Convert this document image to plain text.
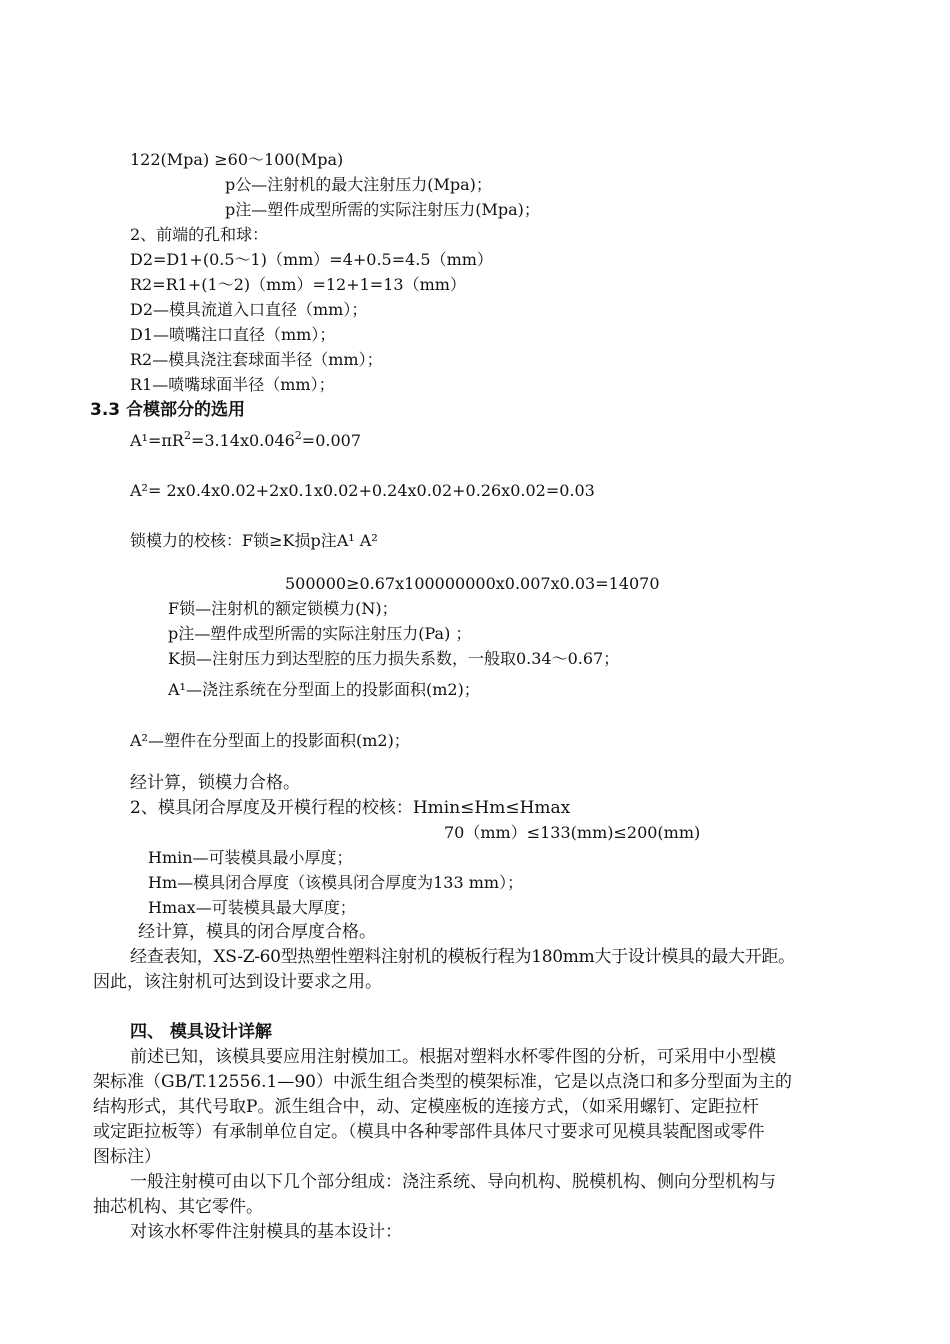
122(Mpa) ≥60～100(Mpa)
p公—注射机的最大注射压力(Mpa)；
p注—塑件成型所需的实际注射压力(Mpa)；
2、前端的孔和球：
D2=D1+(0.5～1)（mm）=4+0.5=4.5（mm）
R2=R1+(1～2)（mm）=12+1=13（mm）
D2—模具流道入口直径（mm）；
D1—喷嘴注口直径（mm）；
R2—模具浇注套球面半径（mm）；
R1—喷嘴球面半径（mm）；
3.3 合模部分的选用
$A^1=\pi R^2=3.14x0.046^2=0.007$
A²= 2x0.4x0.02+2x0.1x0.02+0.24x0.02+0.26x0.02=0.03
锁模力的校核：F锁≥K损p注A¹ A²
500000≥0.67x100000000x0.007x0.03=14070
F锁—注射机的额定锁模力(N)；
p注—塑件成型所需的实际注射压力(Pa) ；
K损—注射压力到达型腔的压力损失系数，一般取0.34～0.67；
A¹—浇注系统在分型面上的投影面积(m2)；
A²—塑件在分型面上的投影面积(m2)；
经计算，锁模力合格。
2、模具闭合厚度及开模行程的校核：Hmin≤Hm≤Hmax
70（mm）≤133(mm)≤200(mm)
Hmin—可装模具最小厚度；
Hm—模具闭合厚度（该模具闭合厚度为133 mm）；
Hmax—可装模具最大厚度；
经计算，模具的闭合厚度合格。
经查表知，XS-Z-60型热塑性塑料注射机的模板行程为180mm大于设计模具的最大开距。
因此，该注射机可达到设计要求之用。
四、 模具设计详解
前述已知，该模具要应用注射模加工。根据对塑料水杯零件图的分析，可采用中小型模
架标准（GB/T.12556.1—90）中派生组合类型的模架标准，它是以点浇口和多分型面为主的
结构形式，其代号取P。派生组合中，动、定模座板的连接方式，（如采用螺钉、定距拉杆
或定距拉板等）有承制单位自定。（模具中各种零部件具体尺寸要求可见模具装配图或零件
图标注）
一般注射模可由以下几个部分组成：浇注系统、导向机构、脱模机构、侧向分型机构与
抽芯机构、其它零件。
对该水杯零件注射模具的基本设计：
